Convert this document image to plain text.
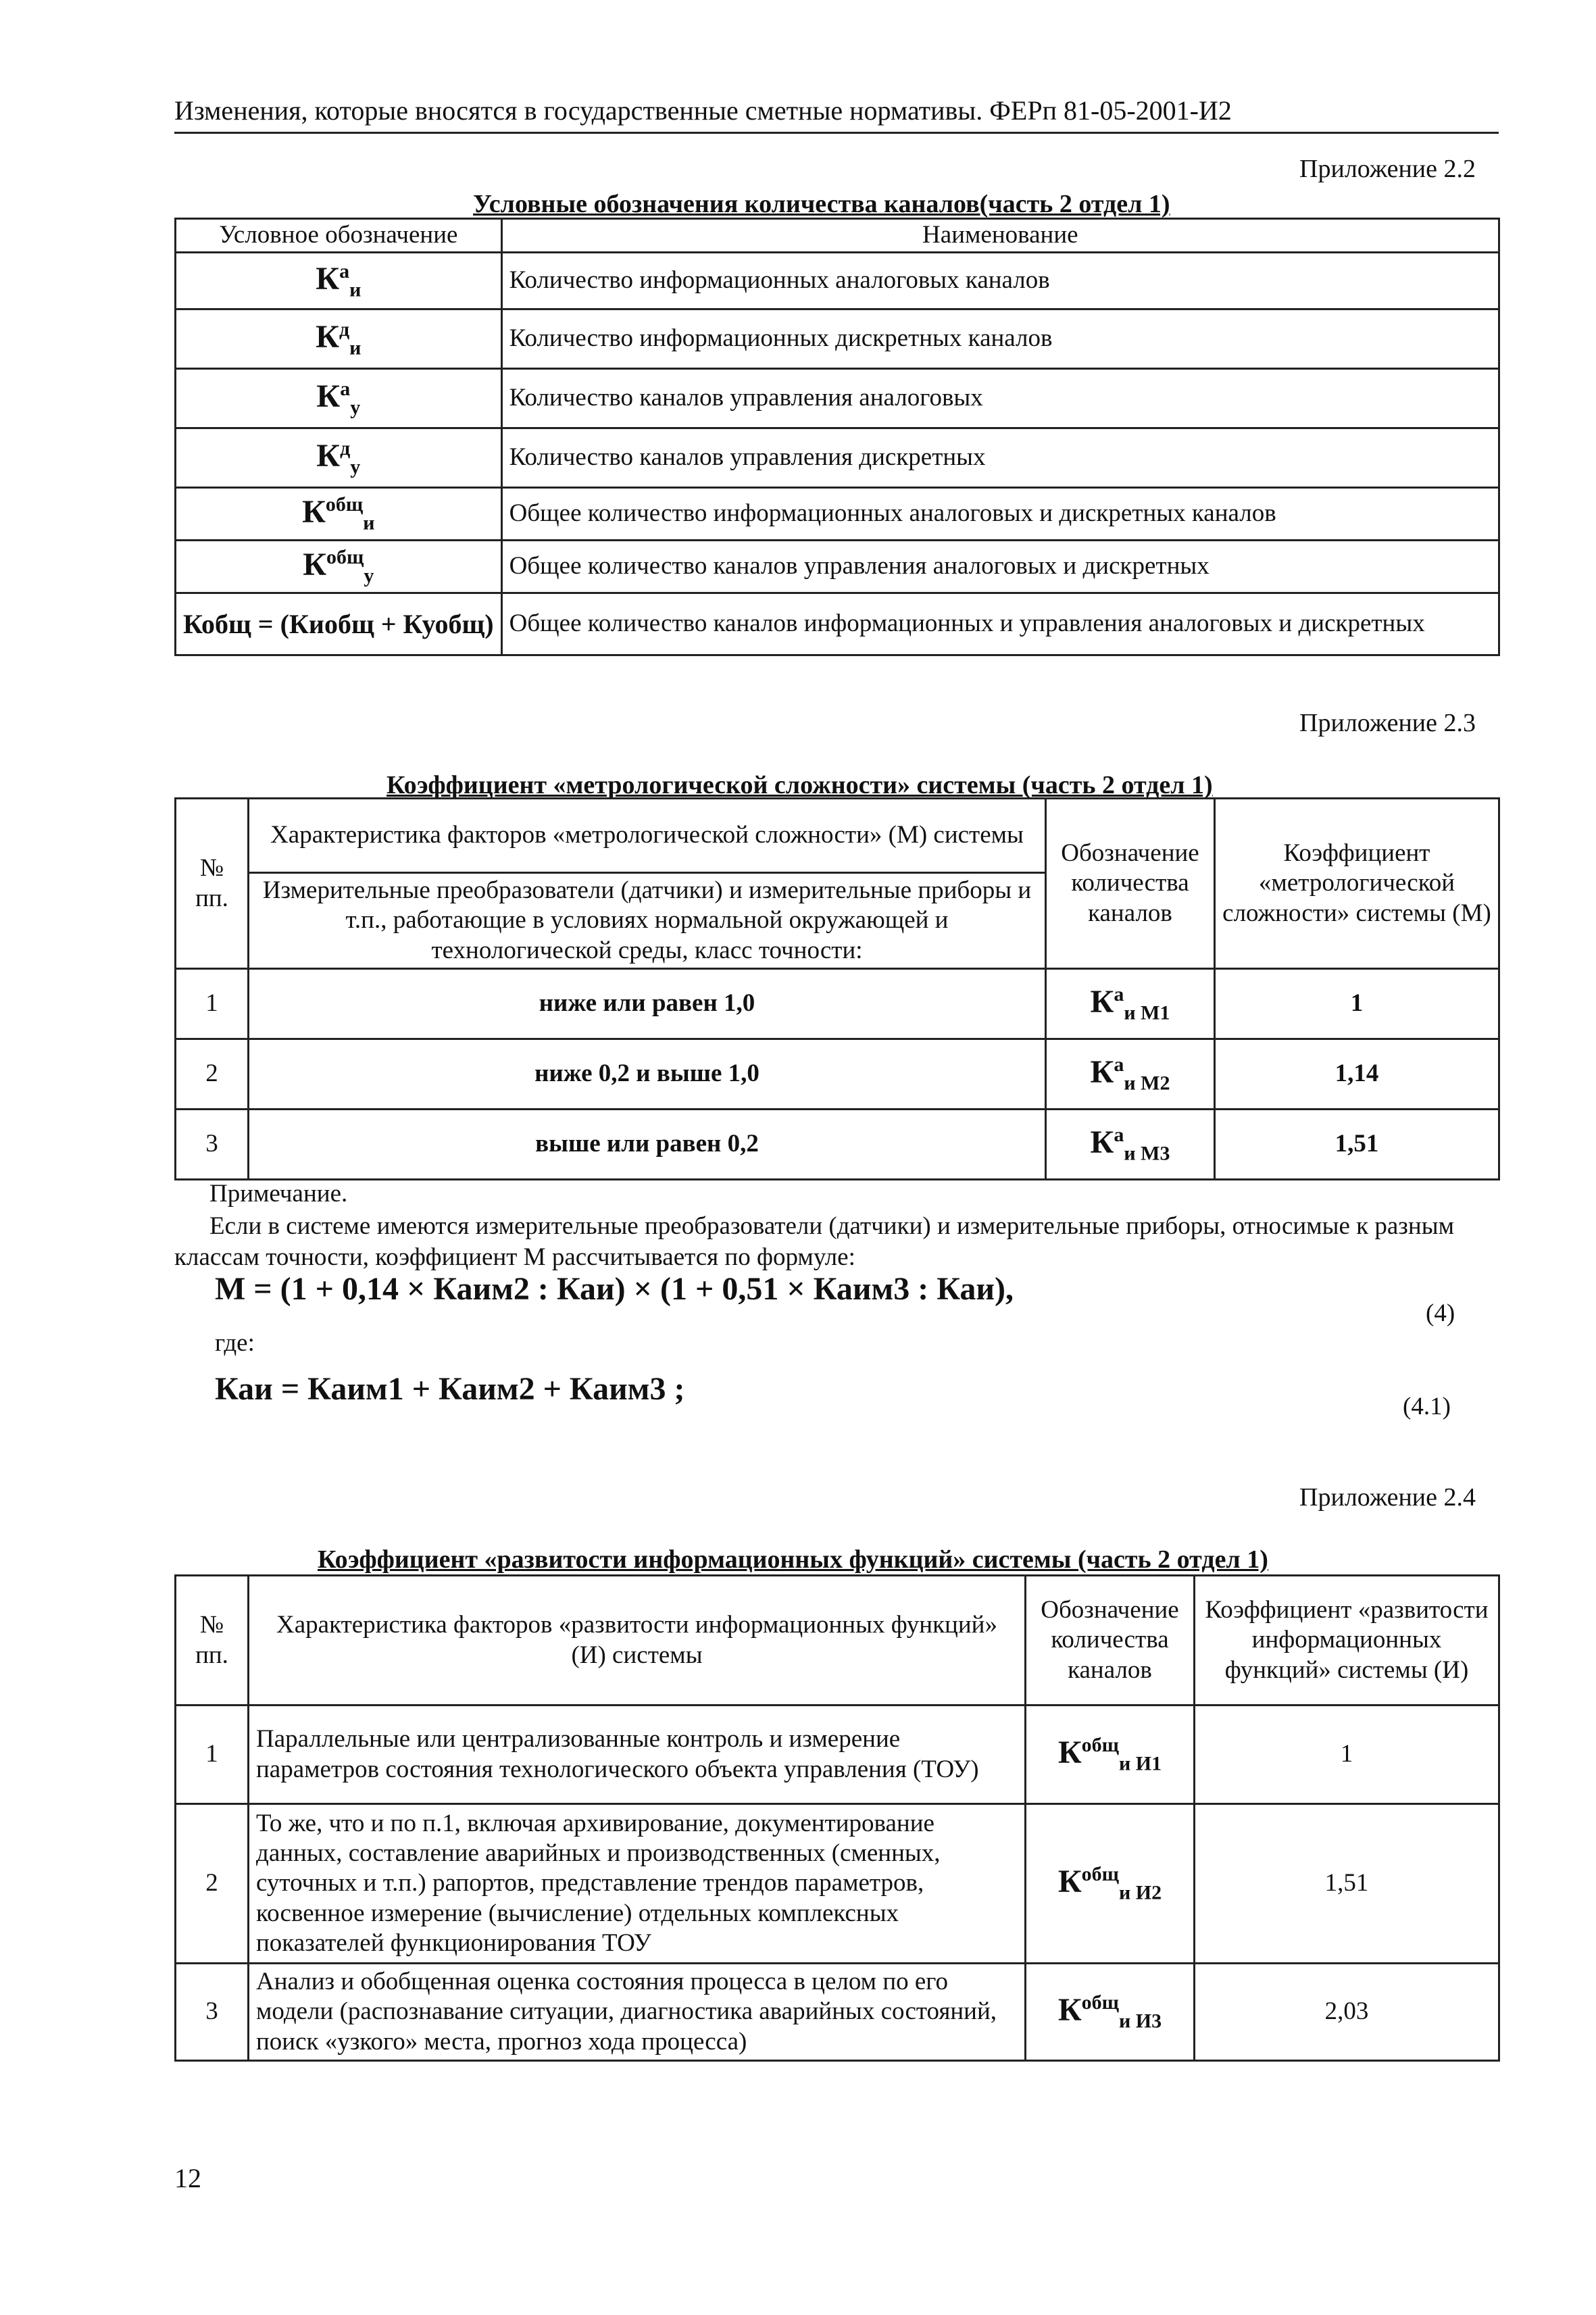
Изменения, которые вносятся в государственные сметные нормативы. ФЕРп 81-05-2001-И2
Приложение 2.2
Условные обозначения количества каналов(часть 2 отдел 1)
Условное обозначение	Наименование
$К^а_и$	Количество информационных аналоговых каналов
$К^д_и$	Количество информационных дискретных каналов
$К^а_у$	Количество каналов управления аналоговых
$К^д_у$	Количество каналов управления дискретных
$К^{общ}_и$	Общее количество информационных аналоговых и дискретных каналов
$К^{общ}_у$	Общее количество каналов управления аналоговых и дискретных
Кобщ = (Киобщ + Куобщ)	Общее количество каналов информационных и управления аналоговых и дискретных
Приложение 2.3
Коэффициент «метрологической сложности» системы (часть 2 отдел 1)
№ пп.	Характеристика факторов «метрологической сложности» (М) системы	Обозначение количества каналов	Коэффициент «метрологической сложности» системы (М)
	Измерительные преобразователи (датчики) и измерительные приборы и т.п., работающие в условиях нормальной окружающей и технологической среды, класс точности:		
1	ниже или равен 1,0	$К^а_{и М1}$	1
2	ниже 0,2 и выше 1,0	$К^а_{и М2}$	1,14
3	выше или равен 0,2	$К^а_{и М3}$	1,51
Примечание.
Если в системе имеются измерительные преобразователи (датчики) и измерительные приборы, относимые к разным классам точности, коэффициент М рассчитывается по формуле:
М = (1 + 0,14 × Каим2 : Каи) × (1 + 0,51 × Каим3 : Каи),
(4)
где:
Каи = Каим1 + Каим2 + Каим3 ;	(4.1)
Приложение 2.4
Коэффициент «развитости информационных функций» системы (часть 2 отдел 1)
№ пп.	Характеристика факторов «развитости информационных функций» (И) системы	Обозначение количества каналов	Коэффициент «развитости информационных функций» системы (И)
1	Параллельные или централизованные контроль и измерение параметров состояния технологического объекта управления (ТОУ)	$К^{общ}_{и И1}$	1
2	То же, что и по п.1, включая архивирование, документирование данных, составление аварийных и производственных (сменных, суточных и т.п.) рапортов, представление трендов параметров, косвенное измерение (вычисление) отдельных комплексных показателей функционирования ТОУ	$К^{общ}_{и И2}$	1,51
3	Анализ и обобщенная оценка состояния процесса в целом по его модели (распознавание ситуации, диагностика аварийных состояний, поиск «узкого» места, прогноз хода процесса)	$К^{общ}_{и И3}$	2,03
12
